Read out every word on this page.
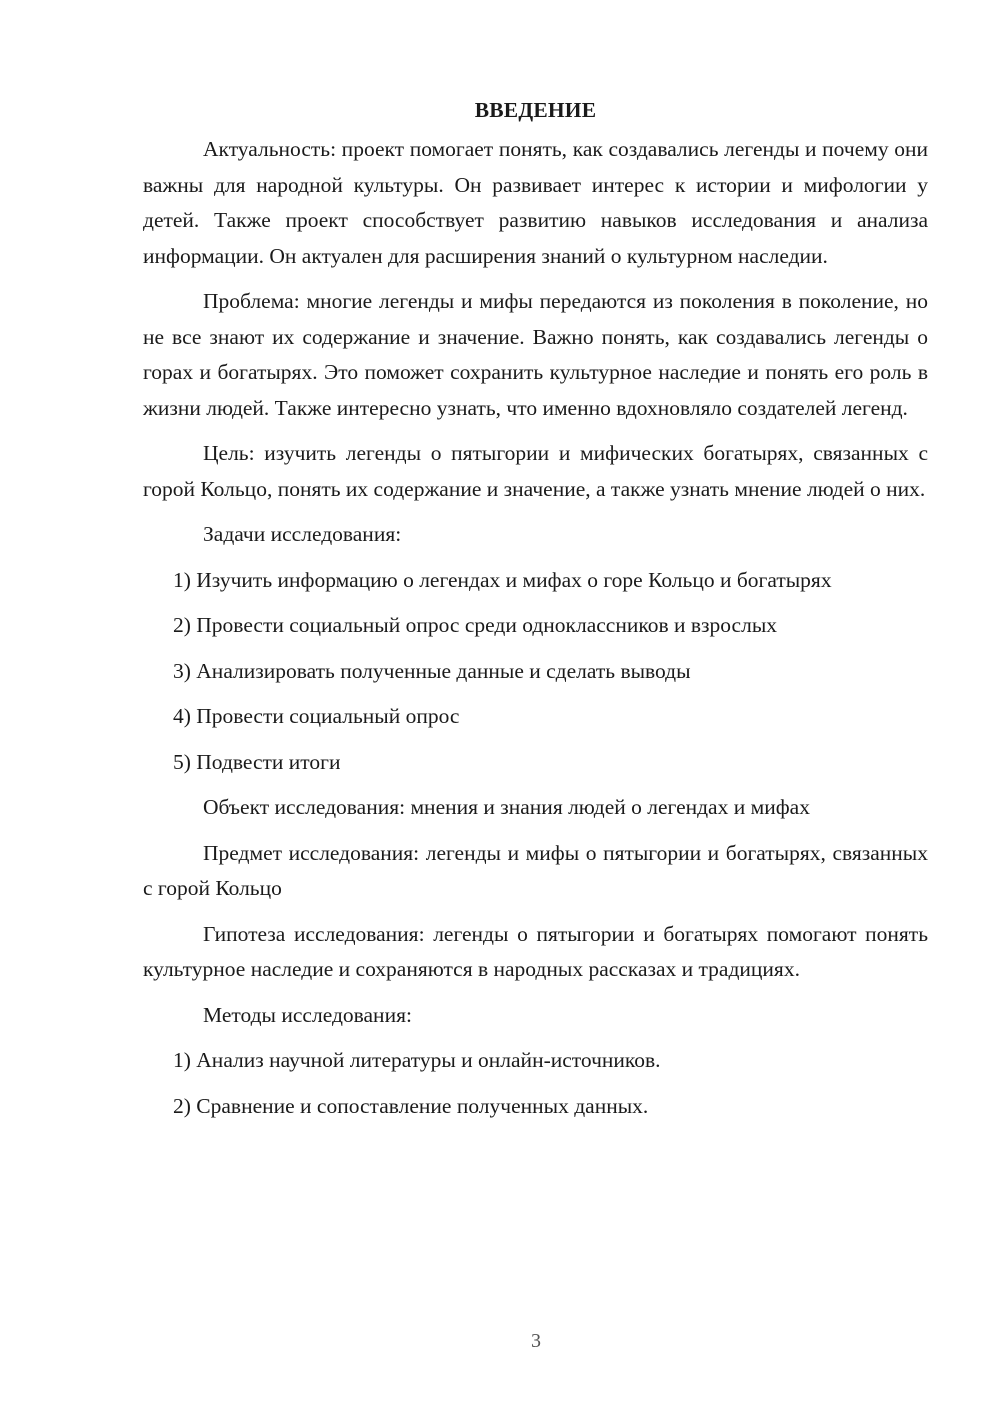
ВВЕДЕНИЕ

Актуальность: проект помогает понять, как создавались легенды и почему они важны для народной культуры. Он развивает интерес к истории и мифологии у детей. Также проект способствует развитию навыков исследования и анализа информации. Он актуален для расширения знаний о культурном наследии.

Проблема: многие легенды и мифы передаются из поколения в поколение, но не все знают их содержание и значение. Важно понять, как создавались легенды о горах и богатырях. Это поможет сохранить культурное наследие и понять его роль в жизни людей. Также интересно узнать, что именно вдохновляло создателей легенд.

Цель: изучить легенды о пятыгории и мифических богатырях, связанных с горой Кольцо, понять их содержание и значение, а также узнать мнение людей о них.

Задачи исследования:

1) Изучить информацию о легендах и мифах о горе Кольцо и богатырях

2) Провести социальный опрос среди одноклассников и взрослых

3) Анализировать полученные данные и сделать выводы

4) Провести социальный опрос

5) Подвести итоги

Объект исследования: мнения и знания людей о легендах и мифах

Предмет исследования: легенды и мифы о пятыгории и богатырях, связанных с горой Кольцо

Гипотеза исследования: легенды о пятыгории и богатырях помогают понять культурное наследие и сохраняются в народных рассказах и традициях.

Методы исследования:

1) Анализ научной литературы и онлайн-источников.

2) Сравнение и сопоставление полученных данных.

3
